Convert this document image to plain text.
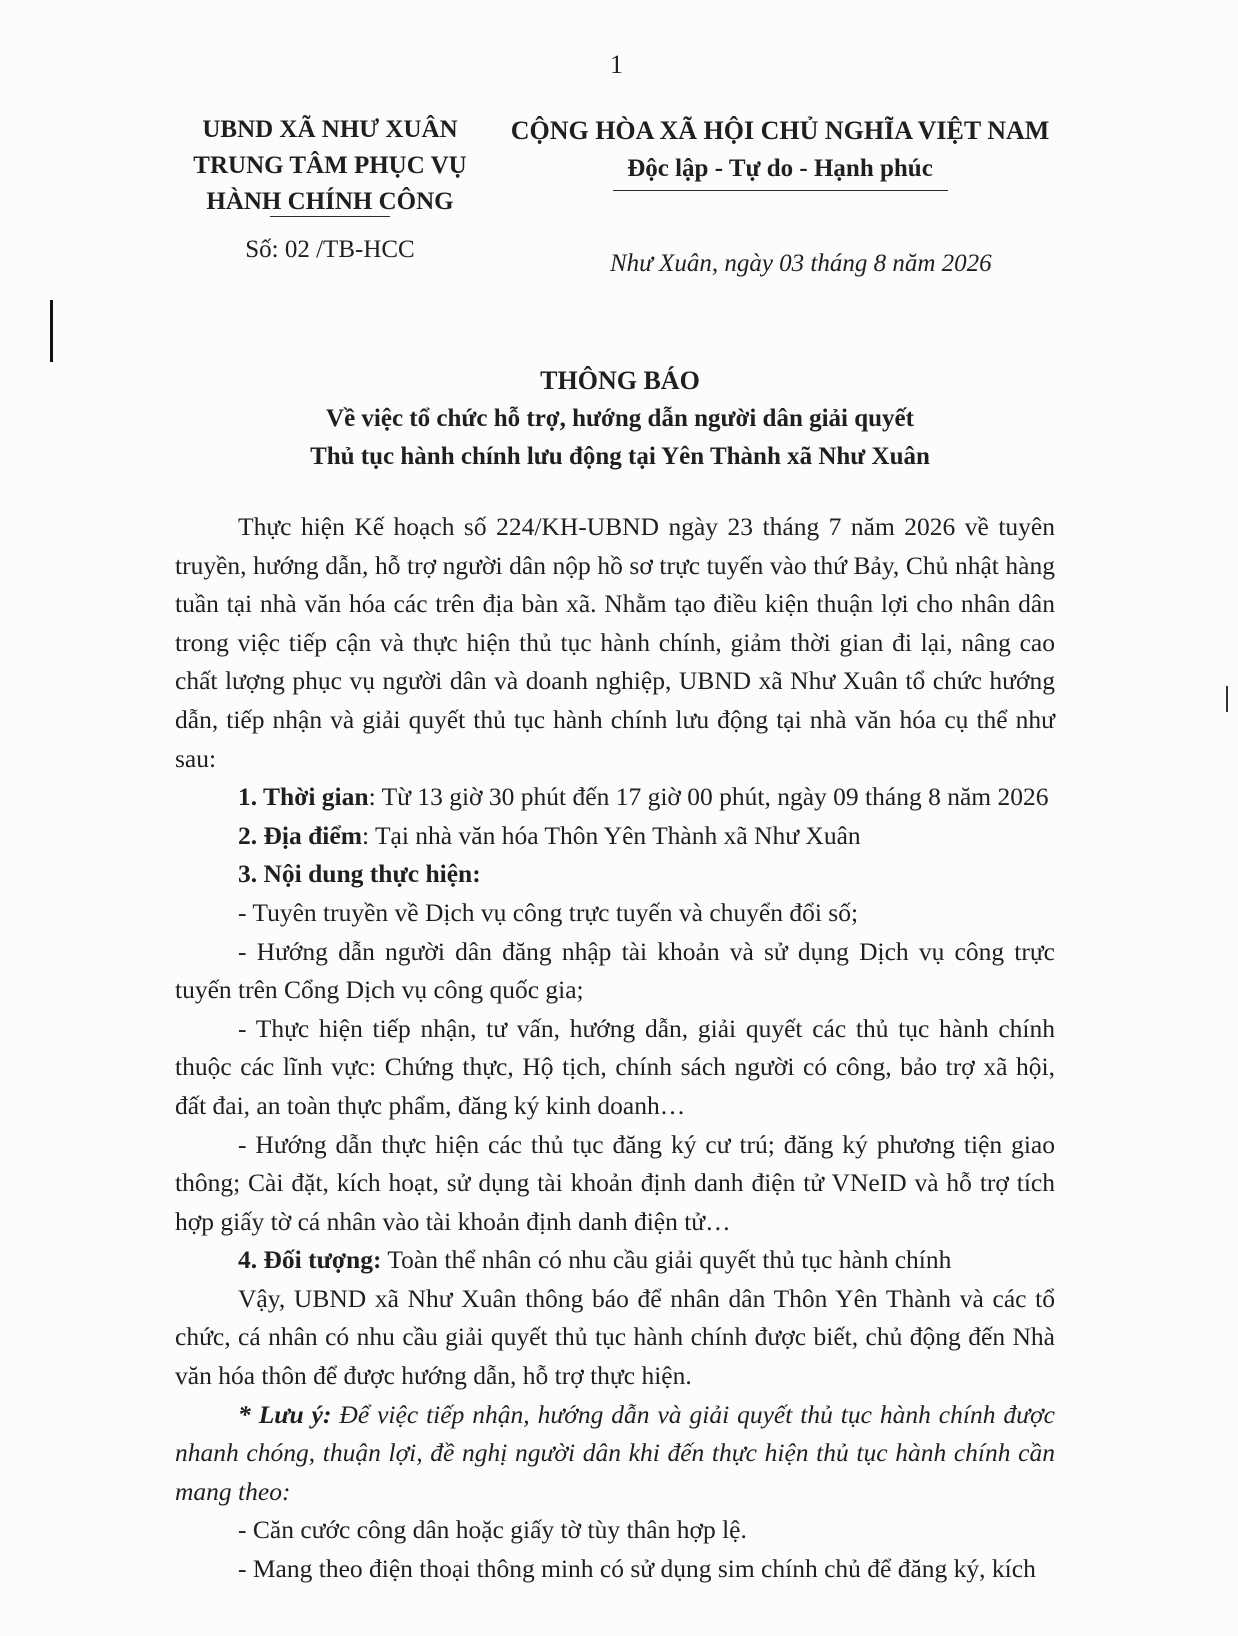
1
UBND XÃ NHƯ XUÂN
TRUNG TÂM PHỤC VỤ
HÀNH CHÍNH CÔNG
Số: 02 /TB-HCC
CỘNG HÒA XÃ HỘI CHỦ NGHĨA VIỆT NAM
Độc lập - Tự do - Hạnh phúc
Như Xuân, ngày 03 tháng 8 năm 2026
THÔNG BÁO
Về việc tổ chức hỗ trợ, hướng dẫn người dân giải quyết
Thủ tục hành chính lưu động tại Yên Thành xã Như Xuân

Thực hiện Kế hoạch số 224/KH-UBND ngày 23 tháng 7 năm 2026 về tuyên truyền, hướng dẫn, hỗ trợ người dân nộp hồ sơ trực tuyến vào thứ Bảy, Chủ nhật hàng tuần tại nhà văn hóa các trên địa bàn xã. Nhằm tạo điều kiện thuận lợi cho nhân dân trong việc tiếp cận và thực hiện thủ tục hành chính, giảm thời gian đi lại, nâng cao chất lượng phục vụ người dân và doanh nghiệp, UBND xã Như Xuân tổ chức hướng dẫn, tiếp nhận và giải quyết thủ tục hành chính lưu động tại nhà văn hóa cụ thể như sau:

1. Thời gian: Từ 13 giờ 30 phút đến 17 giờ 00 phút, ngày 09 tháng 8 năm 2026

2. Địa điểm: Tại nhà văn hóa Thôn Yên Thành xã Như Xuân

3. Nội dung thực hiện:

- Tuyên truyền về Dịch vụ công trực tuyến và chuyển đổi số;

- Hướng dẫn người dân đăng nhập tài khoản và sử dụng Dịch vụ công trực tuyến trên Cổng Dịch vụ công quốc gia;

- Thực hiện tiếp nhận, tư vấn, hướng dẫn, giải quyết các thủ tục hành chính thuộc các lĩnh vực: Chứng thực, Hộ tịch, chính sách người có công, bảo trợ xã hội, đất đai, an toàn thực phẩm, đăng ký kinh doanh…

- Hướng dẫn thực hiện các thủ tục đăng ký cư trú; đăng ký phương tiện giao thông; Cài đặt, kích hoạt, sử dụng tài khoản định danh điện tử VNeID và hỗ trợ tích hợp giấy tờ cá nhân vào tài khoản định danh điện tử…

4. Đối tượng: Toàn thể nhân có nhu cầu giải quyết thủ tục hành chính

Vậy, UBND xã Như Xuân thông báo để nhân dân Thôn Yên Thành và các tổ chức, cá nhân có nhu cầu giải quyết thủ tục hành chính được biết, chủ động đến Nhà văn hóa thôn để được hướng dẫn, hỗ trợ thực hiện.

* Lưu ý: Để việc tiếp nhận, hướng dẫn và giải quyết thủ tục hành chính được nhanh chóng, thuận lợi, đề nghị người dân khi đến thực hiện thủ tục hành chính cần mang theo:

- Căn cước công dân hoặc giấy tờ tùy thân hợp lệ.

- Mang theo điện thoại thông minh có sử dụng sim chính chủ để đăng ký, kích
